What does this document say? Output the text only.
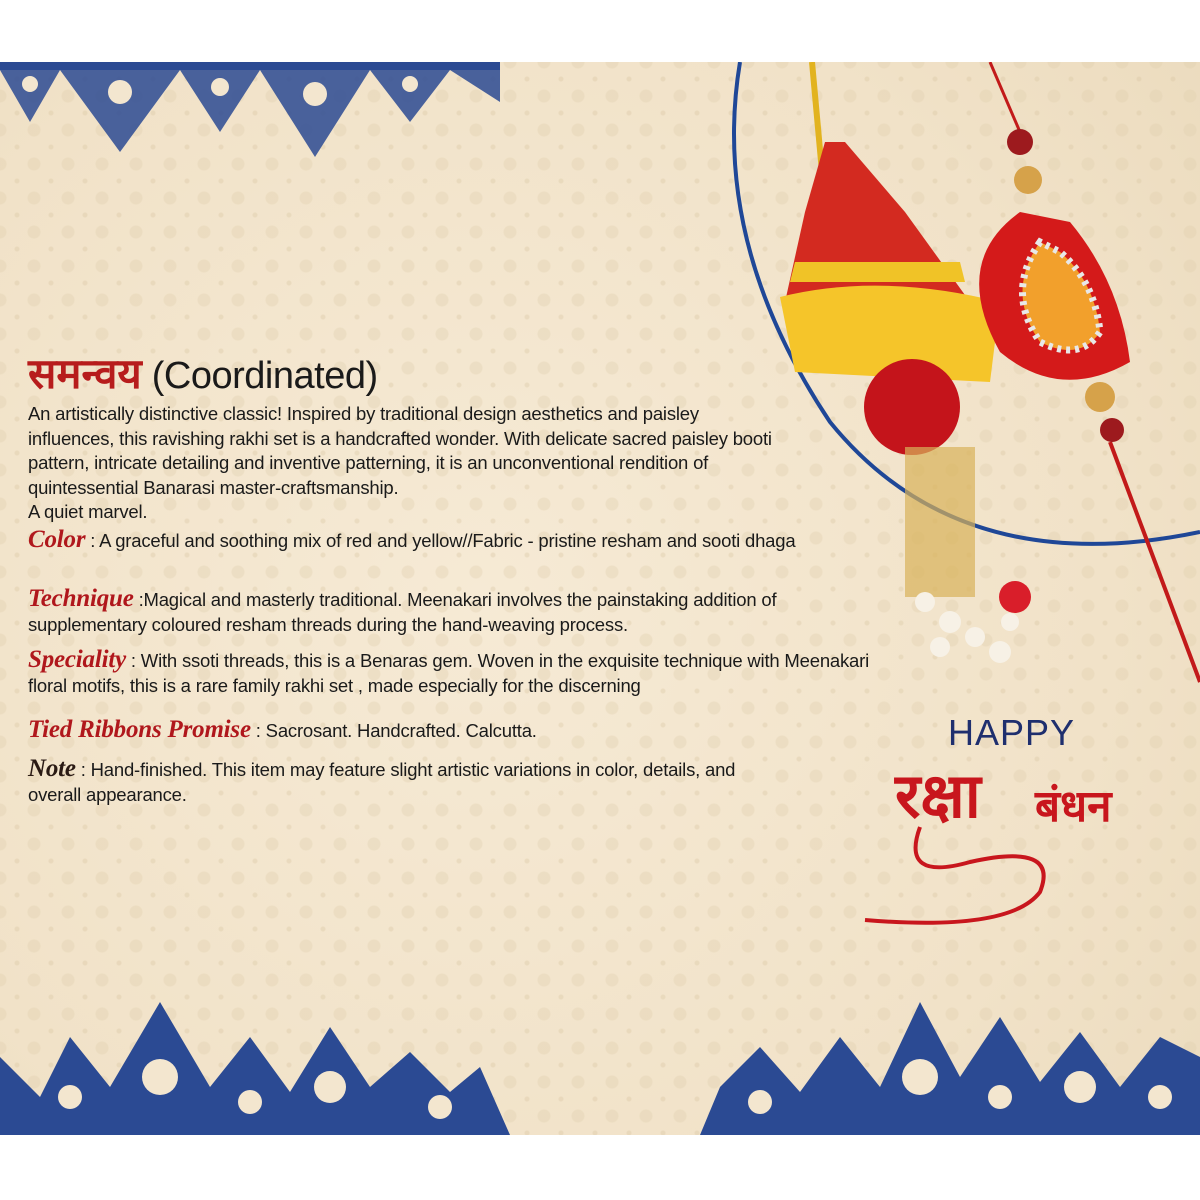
समन्वय (Coordinated)
An artistically distinctive classic! Inspired by traditional design aesthetics and paisley influences, this ravishing rakhi set is a handcrafted wonder. With delicate sacred paisley booti pattern, intricate detailing and inventive patterning, it is an unconventional rendition of quintessential Banarasi master-craftsmanship.
A quiet marvel.
Color : A graceful and soothing mix of red and yellow//Fabric - pristine resham and sooti dhaga
Technique :Magical and masterly traditional. Meenakari involves the painstaking addition of supplementary coloured resham threads during the hand-weaving process.
Speciality : With ssoti threads, this is a Benaras gem. Woven in the exquisite technique with Meenakari floral motifs, this is a rare family rakhi set , made especially for the discerning
Tied Ribbons Promise : Sacrosant. Handcrafted. Calcutta.
Note : Hand-finished. This item may feature slight artistic variations in color, details, and overall appearance.
HAPPY
रक्षा बंधन
